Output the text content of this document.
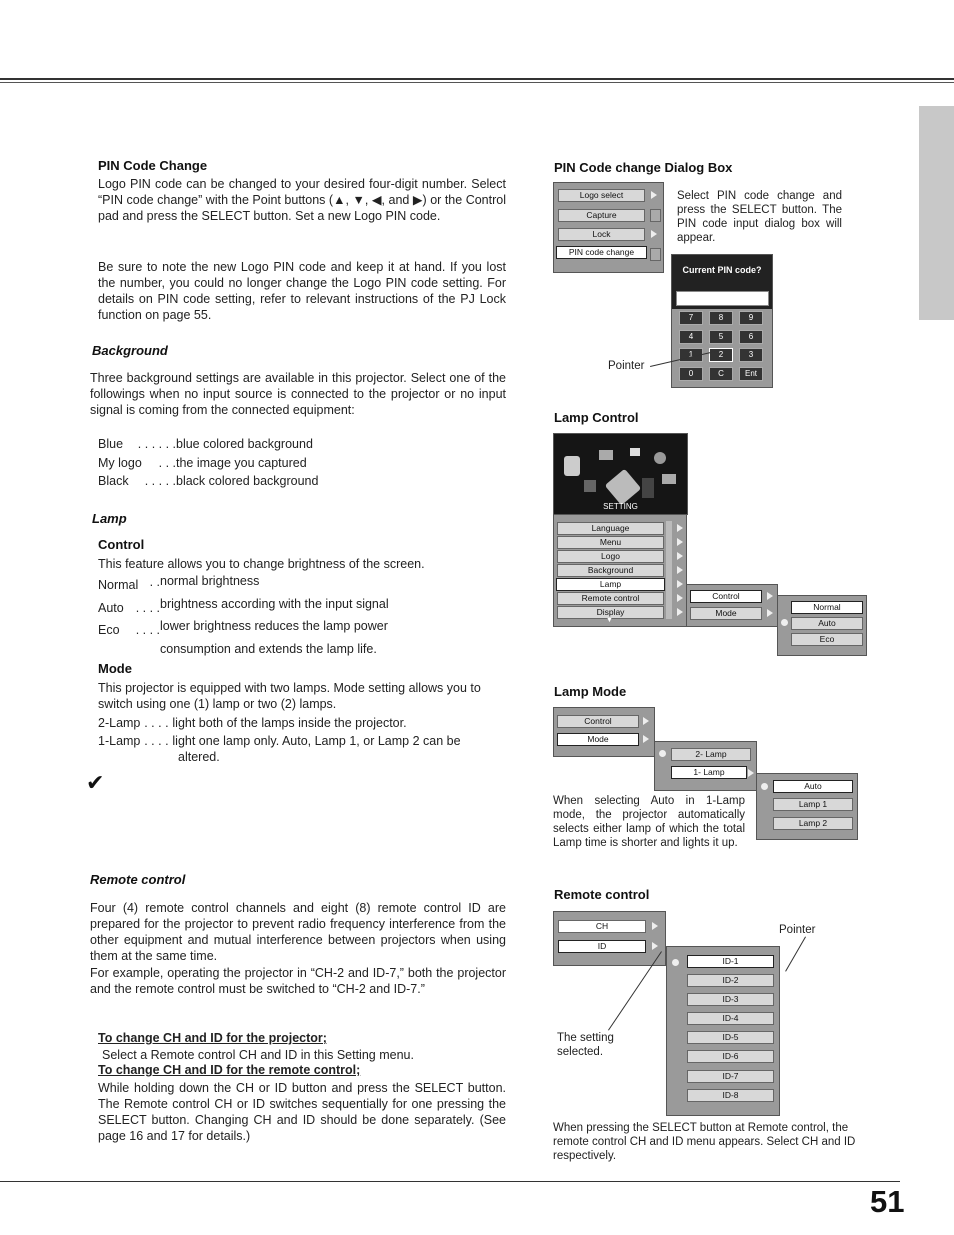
51
PIN Code Change
Logo PIN code can be changed to your desired four-digit number. Select “PIN code change” with the Point buttons (▲, ▼, ◀, and ▶) or the Control pad and press the SELECT button. Set a new Logo PIN code.
Be sure to note the new Logo PIN code and keep it at hand. If you lost the number, you could no longer change the Logo PIN code setting. For details on PIN code setting, refer to relevant instructions of the PJ Lock function on page 55.
Background
Three background settings are available in this projector. Select one of the followings when no input source is connected to the projector or no input signal is coming from the connected equipment:
Blue . . . . . .blue colored background
My logo . . .the image you captured
Black . . . . .black colored background
Lamp
Control
This feature allows you to change brightness of the screen.
Normal . .normal brightness
Auto . . . .brightness according with the input signal
Eco . . . .lower brightness reduces the lamp power
consumption and extends the lamp life.
Mode
This projector is equipped with two lamps. Mode setting allows you to switch using one (1) lamp or two (2) lamps.
2-Lamp . . . . light both of the lamps inside the projector.
1-Lamp . . . . light one lamp only. Auto, Lamp 1, or Lamp 2 can be
altered.
✔
Remote control
Four (4) remote control channels and eight (8) remote control ID are prepared for the projector to prevent radio frequency interference from the other equipment and mutual interference between projectors when using them at the same time.
For example, operating the projector in “CH-2 and ID-7,” both the projector and the remote control must be switched to “CH-2 and ID-7.”
To change CH and ID for the projector;
Select a Remote control CH and ID in this Setting menu.
To change CH and ID for the remote control;
While holding down the CH or ID button and press the SELECT button. The Remote control CH or ID switches sequentially for one pressing the SELECT button. Changing CH and ID should be done separately. (See page 16 and 17 for details.)
PIN Code change Dialog Box
Logo select
Capture
Lock
PIN code change
Select PIN code change and press the SELECT button. The PIN code input dialog box will appear.
Current PIN code?
7	8	9
4	5	6
1	2	3
0	C	Ent
Pointer
Lamp Control
SETTING
Language
Menu
Logo
Background
Lamp
Remote control
Display
▼
Control
Mode
Normal
Auto
Eco
Lamp Mode
Control
Mode
2- Lamp
1- Lamp
Auto
Lamp 1
Lamp 2
When selecting Auto in 1-Lamp mode, the projector automatically selects either lamp of which the total Lamp time is shorter and lights it up.
Remote control
CH
ID
ID-1
ID-2
ID-3
ID-4
ID-5
ID-6
ID-7
ID-8
Pointer
The setting selected.
When pressing the SELECT button at Remote control, the remote control CH and ID menu appears. Select CH and ID respectively.
